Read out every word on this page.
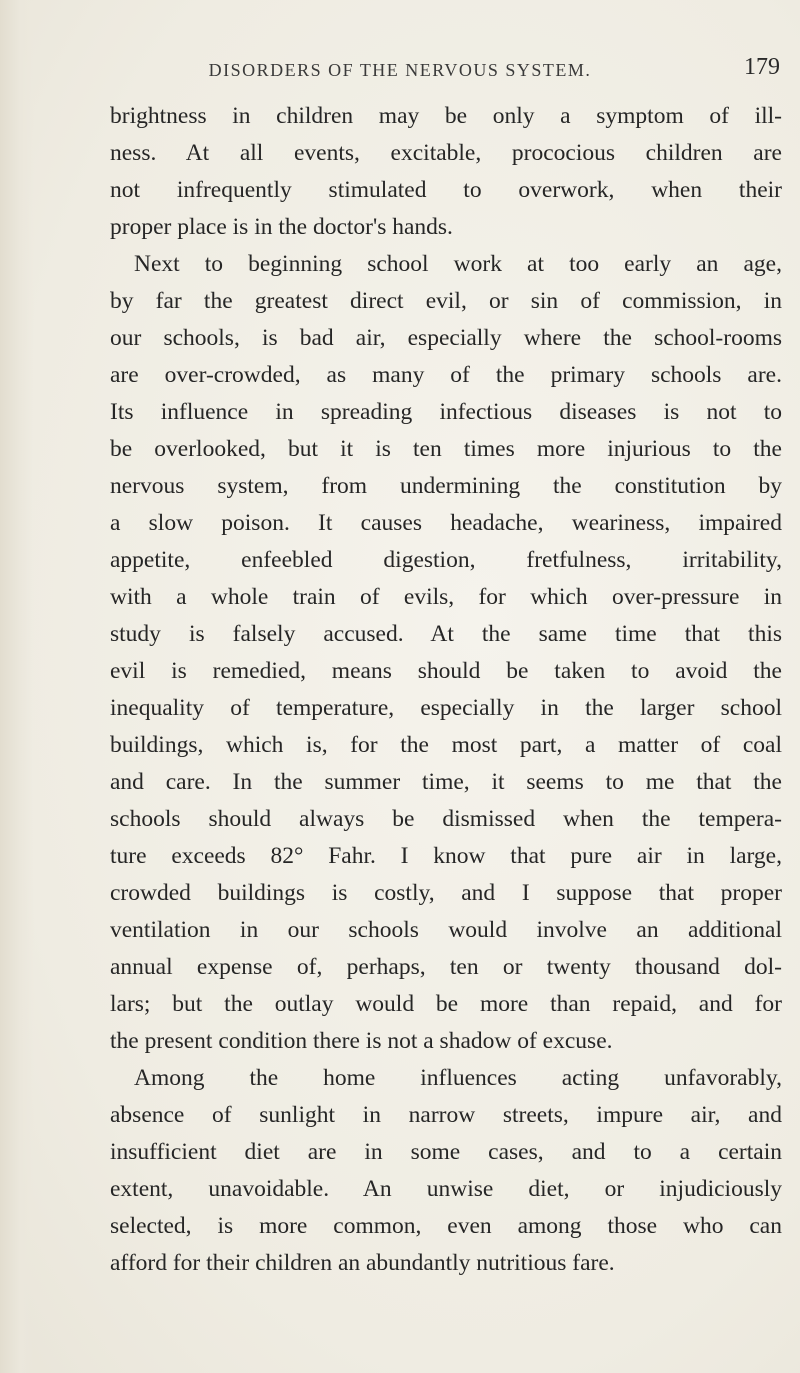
DISORDERS OF THE NERVOUS SYSTEM.	179
brightness in children may be only a symptom of ill-
ness. At all events, excitable, prococious children are
not infrequently stimulated to overwork, when their
proper place is in the doctor's hands.
Next to beginning school work at too early an age,
by far the greatest direct evil, or sin of commission, in
our schools, is bad air, especially where the school-rooms
are over-crowded, as many of the primary schools are.
Its influence in spreading infectious diseases is not to
be overlooked, but it is ten times more injurious to the
nervous system, from undermining the constitution by
a slow poison. It causes headache, weariness, impaired
appetite, enfeebled digestion, fretfulness, irritability,
with a whole train of evils, for which over-pressure in
study is falsely accused. At the same time that this
evil is remedied, means should be taken to avoid the
inequality of temperature, especially in the larger school
buildings, which is, for the most part, a matter of coal
and care. In the summer time, it seems to me that the
schools should always be dismissed when the tempera-
ture exceeds 82° Fahr. I know that pure air in large,
crowded buildings is costly, and I suppose that proper
ventilation in our schools would involve an additional
annual expense of, perhaps, ten or twenty thousand dol-
lars; but the outlay would be more than repaid, and for
the present condition there is not a shadow of excuse.
Among the home influences acting unfavorably,
absence of sunlight in narrow streets, impure air, and
insufficient diet are in some cases, and to a certain
extent, unavoidable. An unwise diet, or injudiciously
selected, is more common, even among those who can
afford for their children an abundantly nutritious fare.
